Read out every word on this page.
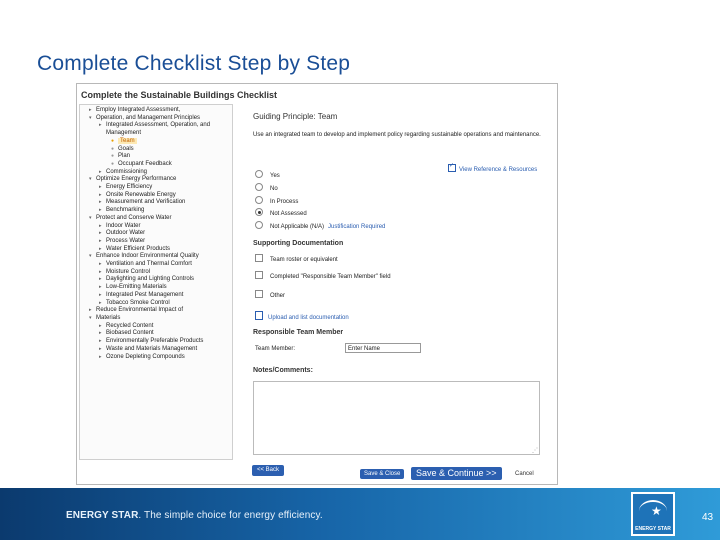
Complete Checklist Step by Step
Complete the Sustainable Buildings Checklist
▸ Employ Integrated Assessment,
▾ Operation, and Management Principles
▸ Integrated Assessment, Operation, and
Management
● Team
● Goals
● Plan
● Occupant Feedback
▸ Commissioning
▾ Optimize Energy Performance
▸ Energy Efficiency
▸ Onsite Renewable Energy
▸ Measurement and Verification
▸ Benchmarking
▾ Protect and Conserve Water
▸ Indoor Water
▸ Outdoor Water
▸ Process Water
▸ Water Efficient Products
▾ Enhance Indoor Environmental Quality
▸ Ventilation and Thermal Comfort
▸ Moisture Control
▸ Daylighting and Lighting Controls
▸ Low-Emitting Materials
▸ Integrated Pest Management
▸ Tobacco Smoke Control
▸ Reduce Environmental Impact of
▾ Materials
▸ Recycled Content
▸ Biobased Content
▸ Environmentally Preferable Products
▸ Waste and Materials Management
▸ Ozone Depleting Compounds
Guiding Principle: Team
Use an integrated team to develop and implement policy regarding sustainable operations and maintenance.
✓View Reference & Resources
Yes
No
In Process
Not Assessed
Not Applicable (N/A) Justification Required
Supporting Documentation
Team roster or equivalent
Completed "Responsible Team Member" field
Other
Upload and list documentation
Responsible Team Member
Team Member:	Enter Name
Notes/Comments:
⋰
<< Back
Save & Close	Save & Continue >>	Cancel
ENERGY STAR. The simple choice for energy efficiency.	★
ENERGY STAR
43
